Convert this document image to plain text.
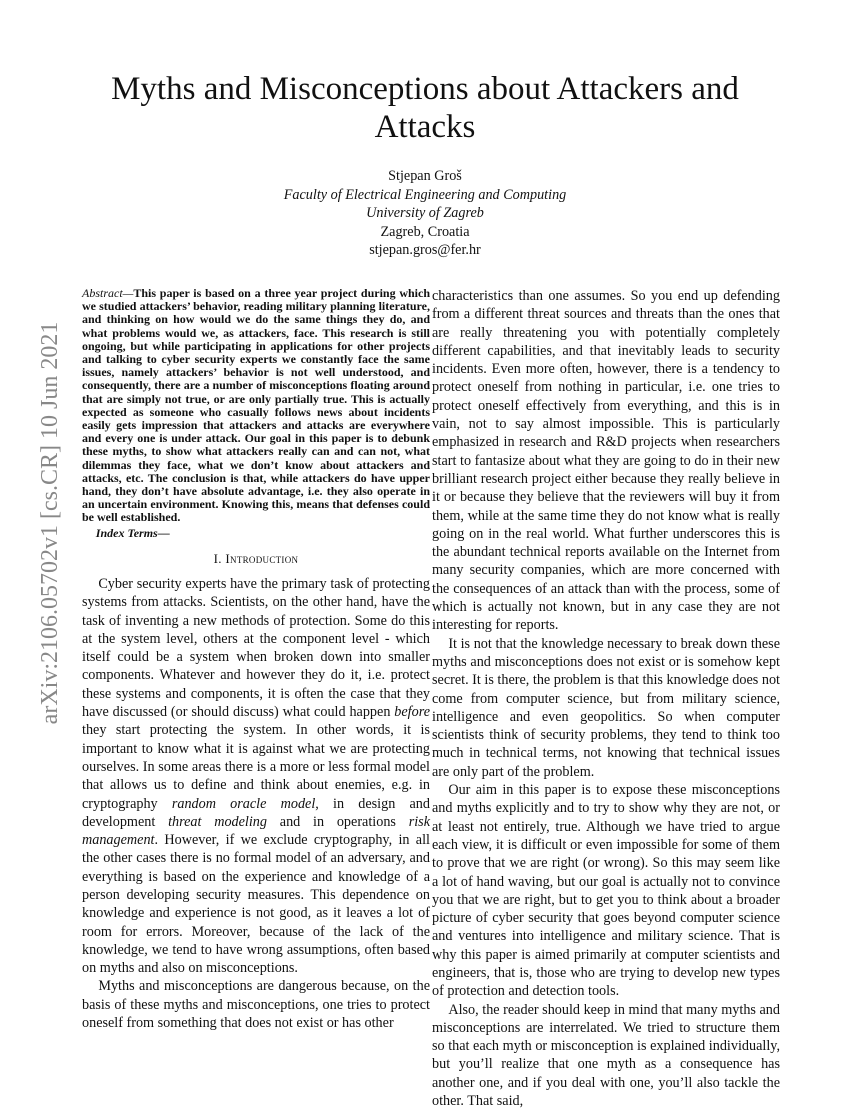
arXiv:2106.05702v1 [cs.CR] 10 Jun 2021
Myths and Misconceptions about Attackers and Attacks
Stjepan Groš
Faculty of Electrical Engineering and Computing
University of Zagreb
Zagreb, Croatia
stjepan.gros@fer.hr

Abstract—This paper is based on a three year project during which we studied attackers’ behavior, reading military planning literature, and thinking on how would we do the same things they do, and what problems would we, as attackers, face. This research is still ongoing, but while participating in applications for other projects and talking to cyber security experts we constantly face the same issues, namely attackers’ behavior is not well understood, and consequently, there are a number of misconceptions floating around that are simply not true, or are only partially true. This is actually expected as someone who casually follows news about incidents easily gets impression that attackers and attacks are everywhere and every one is under attack. Our goal in this paper is to debunk these myths, to show what attackers really can and can not, what dilemmas they face, what we don’t know about attackers and attacks, etc. The conclusion is that, while attackers do have upper hand, they don’t have absolute advantage, i.e. they also operate in an uncertain environment. Knowing this, means that defenses could be well established.

Index Terms—

I. Introduction

Cyber security experts have the primary task of protecting systems from attacks. Scientists, on the other hand, have the task of inventing a new methods of protection. Some do this at the system level, others at the component level - which itself could be a system when broken down into smaller components. Whatever and however they do it, i.e. protect these systems and components, it is often the case that they have discussed (or should discuss) what could happen before they start protecting the system. In other words, it is important to know what it is against what we are protecting ourselves. In some areas there is a more or less formal model that allows us to define and think about enemies, e.g. in cryptography random oracle model, in design and development threat modeling and in operations risk management. However, if we exclude cryptography, in all the other cases there is no formal model of an adversary, and everything is based on the experience and knowledge of a person developing security measures. This dependence on knowledge and experience is not good, as it leaves a lot of room for errors. Moreover, because of the lack of the knowledge, we tend to have wrong assumptions, often based on myths and also on misconceptions.

Myths and misconceptions are dangerous because, on the basis of these myths and misconceptions, one tries to protect oneself from something that does not exist or has other

characteristics than one assumes. So you end up defending from a different threat sources and threats than the ones that are really threatening you with potentially completely different capabilities, and that inevitably leads to security incidents. Even more often, however, there is a tendency to protect oneself from nothing in particular, i.e. one tries to protect oneself effectively from everything, and this is in vain, not to say almost impossible. This is particularly emphasized in research and R&D projects when researchers start to fantasize about what they are going to do in their new brilliant research project either because they really believe in it or because they believe that the reviewers will buy it from them, while at the same time they do not know what is really going on in the real world. What further underscores this is the abundant technical reports available on the Internet from many security companies, which are more concerned with the consequences of an attack than with the process, some of which is actually not known, but in any case they are not interesting for reports.

It is not that the knowledge necessary to break down these myths and misconceptions does not exist or is somehow kept secret. It is there, the problem is that this knowledge does not come from computer science, but from military science, intelligence and even geopolitics. So when computer scientists think of security problems, they tend to think too much in technical terms, not knowing that technical issues are only part of the problem.

Our aim in this paper is to expose these misconceptions and myths explicitly and to try to show why they are not, or at least not entirely, true. Although we have tried to argue each view, it is difficult or even impossible for some of them to prove that we are right (or wrong). So this may seem like a lot of hand waving, but our goal is actually not to convince you that we are right, but to get you to think about a broader picture of cyber security that goes beyond computer science and ventures into intelligence and military science. That is why this paper is aimed primarily at computer scientists and engineers, that is, those who are trying to develop new types of protection and detection tools.

Also, the reader should keep in mind that many myths and misconceptions are interrelated. We tried to structure them so that each myth or misconception is explained individually, but you’ll realize that one myth as a consequence has another one, and if you deal with one, you’ll also tackle the other. That said,
